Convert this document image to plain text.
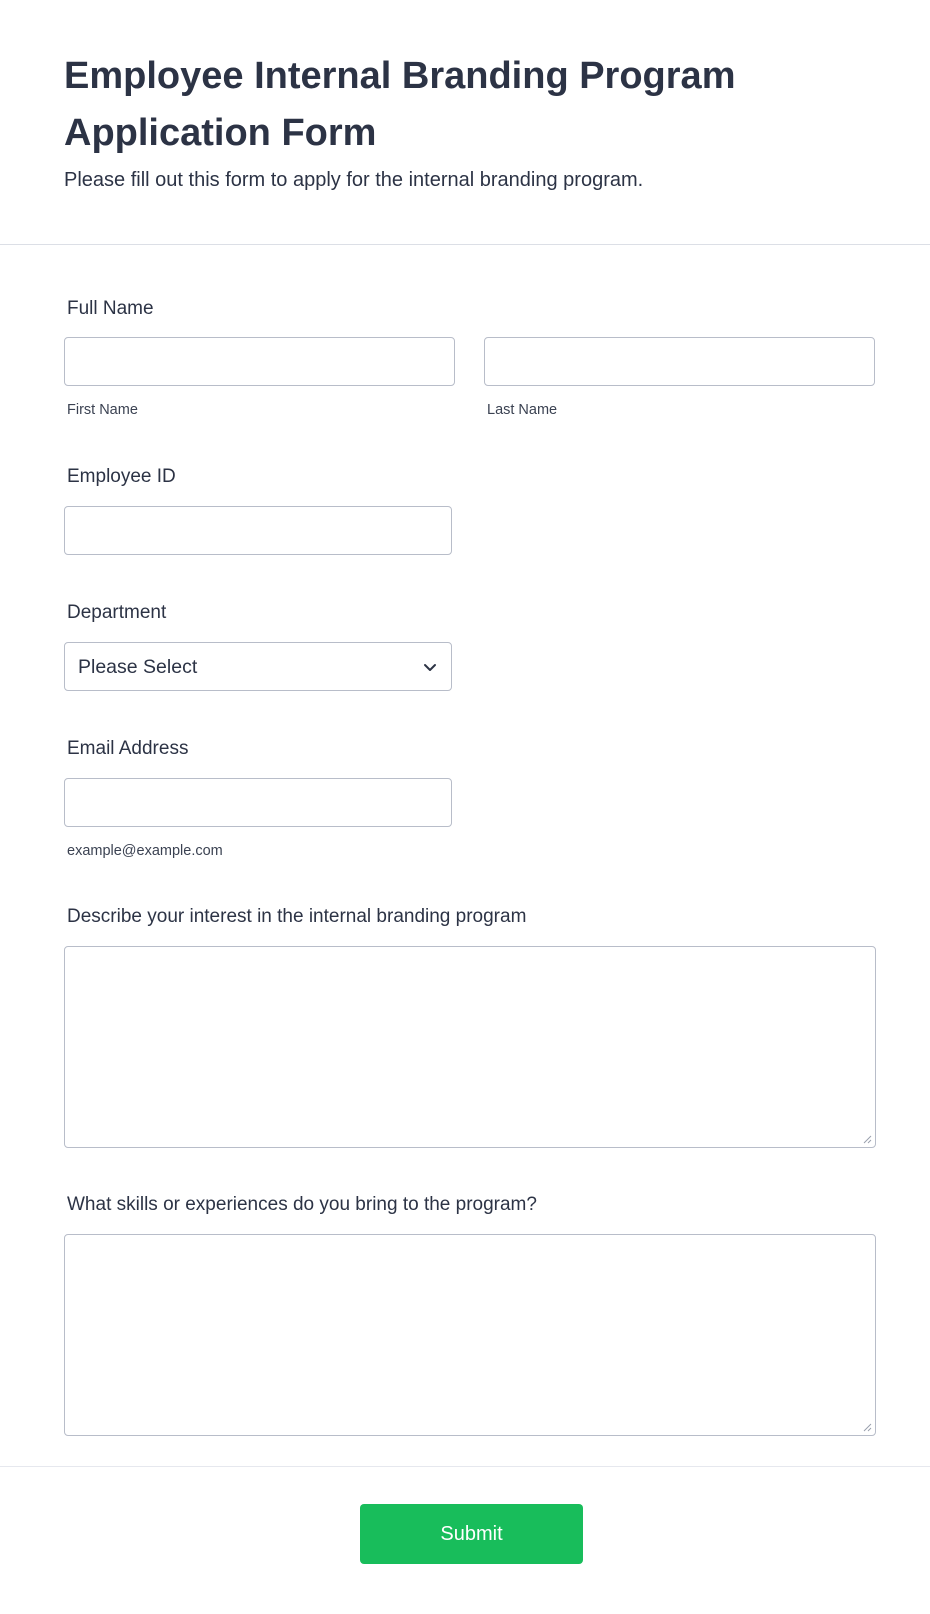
Employee Internal Branding Program Application Form

Please fill out this form to apply for the internal branding program.

Full Name
First Name	Last Name
Employee ID
Department
Please Select
Email Address
example@example.com
Describe your interest in the internal branding program
What skills or experiences do you bring to the program?
Submit
